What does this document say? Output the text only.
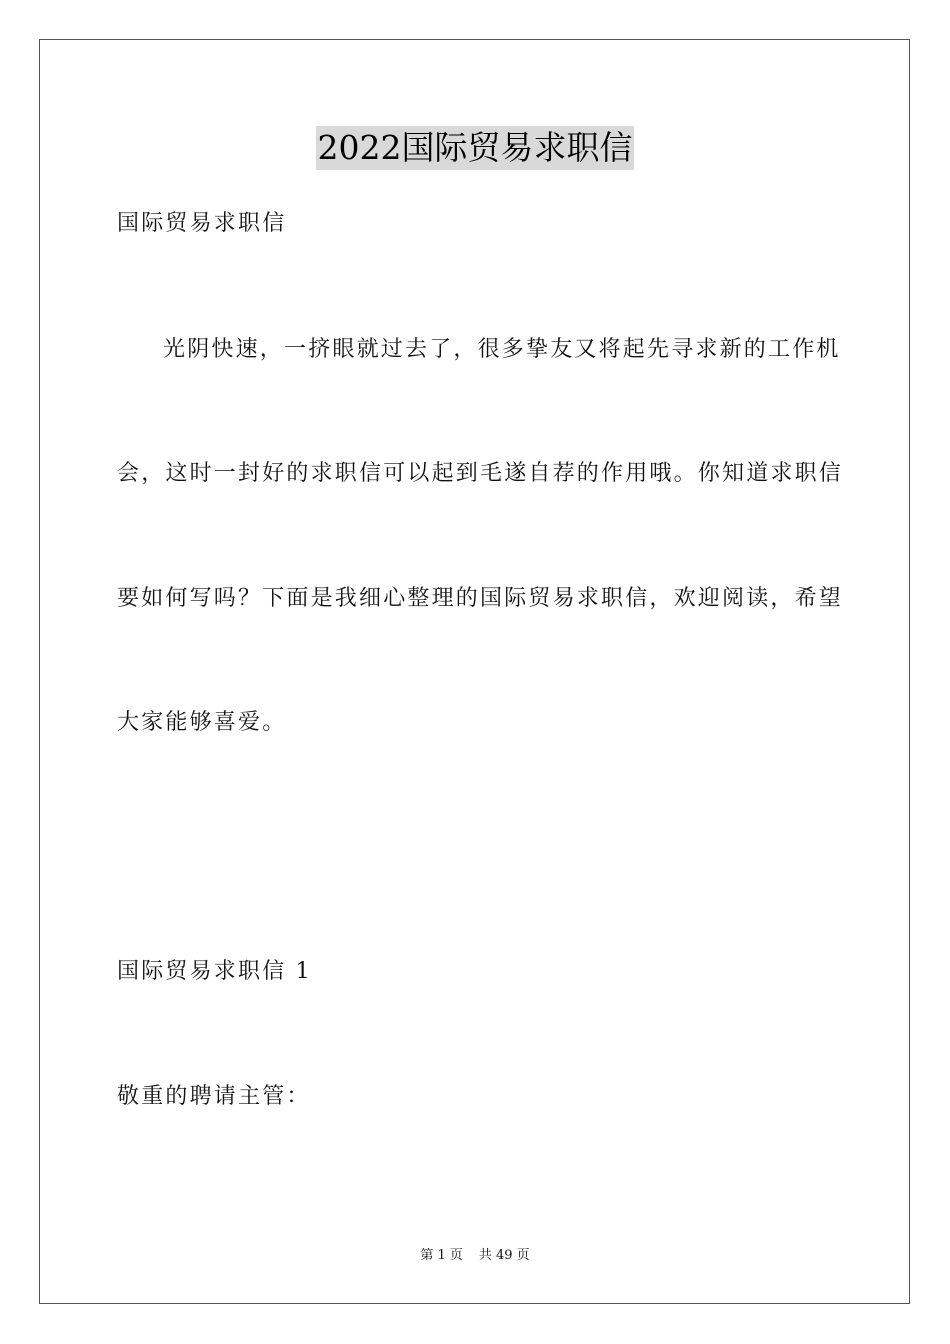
2022国际贸易求职信
国际贸易求职信
光阴快速，一挤眼就过去了，很多挚友又将起先寻求新的工作机
会，这时一封好的求职信可以起到毛遂自荐的作用哦。你知道求职信
要如何写吗？下面是我细心整理的国际贸易求职信，欢迎阅读，希望
大家能够喜爱。
国际贸易求职信 1
敬重的聘请主管：
第 1 页 共 49 页
